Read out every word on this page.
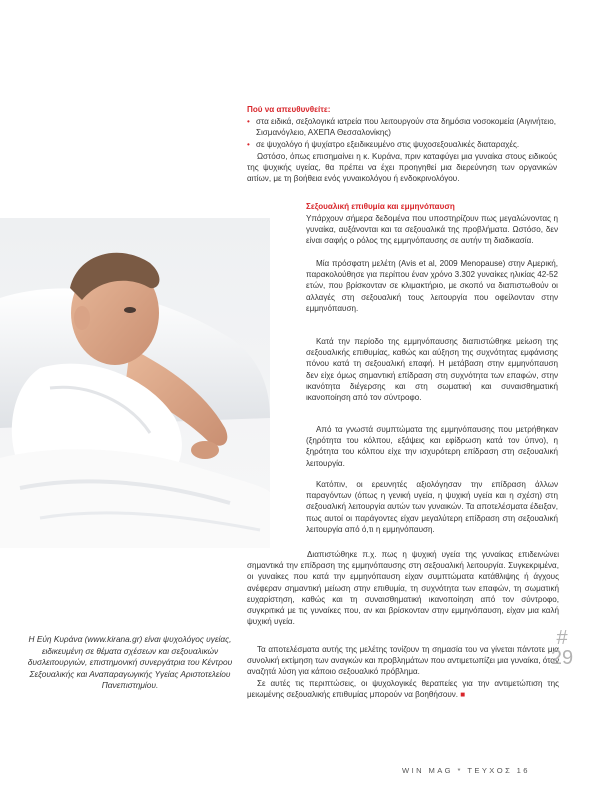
Πού να απευθυνθείτε:
• στα ειδικά, σεξολογικά ιατρεία που λειτουργούν στα δημόσια νοσοκομεία (Αιγινήτειο, Σισμανόγλειο, ΑΧΕΠΑ Θεσσαλονίκης)
• σε ψυχολόγο ή ψυχίατρο εξειδικευμένο στις ψυχοσεξουαλικές διαταραχές.
Ωστόσο, όπως επισημαίνει η κ. Κυράνα, πριν καταφύγει μια γυναίκα στους ειδικούς της ψυχικής υγείας, θα πρέπει να έχει προηγηθεί μια διερεύνηση των οργανικών αιτίων, με τη βοήθεια ενός γυναικολόγου ή ενδοκρινολόγου.
Σεξουαλική επιθυμία και εμμηνόπαυση
Υπάρχουν σήμερα δεδομένα που υποστηρίζουν πως μεγαλώνοντας η γυναίκα, αυξάνονται και τα σεξουαλικά της προβλήματα. Ωστόσο, δεν είναι σαφής ο ρόλος της εμμηνόπαυσης σε αυτήν τη διαδικασία.
Μία πρόσφατη μελέτη (Avis et al, 2009 Menopause) στην Αμερική, παρακολούθησε για περίπου έναν χρόνο 3.302 γυναίκες ηλικίας 42-52 ετών, που βρίσκονταν σε κλιμακτήριο, με σκοπό να διαπιστωθούν οι αλλαγές στη σεξουαλική τους λειτουργία που οφείλονταν στην εμμηνόπαυση.
Κατά την περίοδο της εμμηνόπαυσης διαπιστώθηκε μείωση της σεξουαλικής επιθυμίας, καθώς και αύξηση της συχνότητας εμφάνισης πόνου κατά τη σεξουαλική επαφή. Η μετάβαση στην εμμηνόπαυση δεν είχε όμως σημαντική επίδραση στη συχνότητα των επαφών, στην ικανότητα διέγερσης και στη σωματική και συναισθηματική ικανοποίηση από τον σύντροφο.
Από τα γνωστά συμπτώματα της εμμηνόπαυσης που μετρήθηκαν (ξηρότητα του κόλπου, εξάψεις και εφίδρωση κατά τον ύπνο), η ξηρότητα του κόλπου είχε την ισχυρότερη επίδραση στη σεξουαλική λειτουργία.
Κατόπιν, οι ερευνητές αξιολόγησαν την επίδραση άλλων παραγόντων (όπως η γενική υγεία, η ψυχική υγεία και η σχέση) στη σεξουαλική λειτουργία αυτών των γυναικών. Τα αποτελέσματα έδειξαν, πως αυτοί οι παράγοντες είχαν μεγαλύτερη επίδραση στη σεξουαλική λειτουργία από ό,τι η εμμηνόπαυση.
Διαπιστώθηκε π.χ. πως η ψυχική υγεία της γυναίκας επιδεινώνει σημαντικά την επίδραση της εμμηνόπαυσης στη σεξουαλική λειτουργία. Συγκεκριμένα, οι γυναίκες που κατά την εμμηνόπαυση είχαν συμπτώματα κατάθλιψης ή άγχους ανέφεραν σημαντική μείωση στην επιθυμία, τη συχνότητα των επαφών, τη σωματική ευχαρίστηση, καθώς και τη συναισθηματική ικανοποίηση από τον σύντροφο, συγκριτικά με τις γυναίκες που, αν και βρίσκονταν στην εμμηνόπαυση, είχαν μια καλή ψυχική υγεία.
Τα αποτελέσματα αυτής της μελέτης τονίζουν τη σημασία του να γίνεται πάντοτε μια συνολική εκτίμηση των αναγκών και προβλημάτων που αντιμετωπίζει μια γυναίκα, όταν αναζητά λύση για κάποιο σεξουαλικό πρόβλημα.
Σε αυτές τις περιπτώσεις, οι ψυχολογικές θεραπείες για την αντιμετώπιση της μειωμένης σεξουαλικής επιθυμίας μπορούν να βοηθήσουν. ■
Η Εύη Κυράνα (www.kirana.gr) είναι ψυχολόγος υγείας, ειδικευμένη σε θέματα σχέσεων και σεξουαλικών δυσλειτουργιών, επιστημονική συνεργάτρια του Κέντρου Σεξουαλικής και Αναπαραγωγικής Υγείας Αριστοτελείου Πανεπιστημίου.
#
29
WIN MAG * ΤΕΥΧΟΣ 16
